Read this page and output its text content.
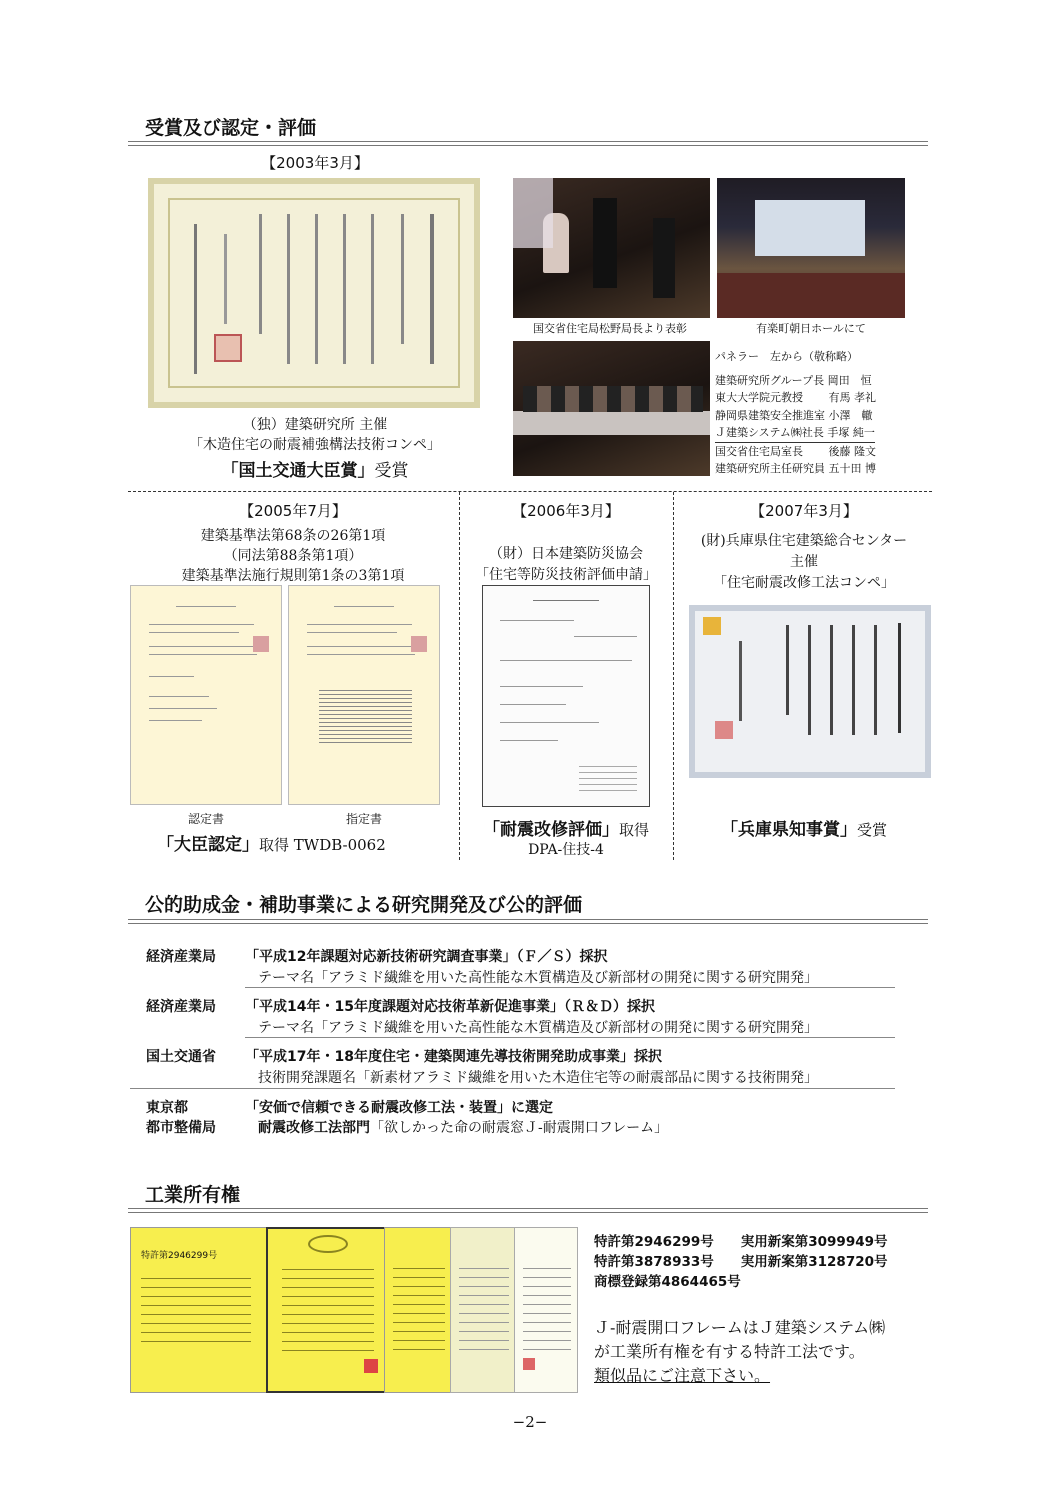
受賞及び認定・評価
【2003年3月】
（独）建築研究所 主催
「木造住宅の耐震補強構法技術コンペ」
「国土交通大臣賞」受賞
国交省住宅局松野局長より表彰	有楽町朝日ホールにて
パネラー　左から（敬称略）
建築研究所グループ長 岡田　恒
東大大学院元教授　　 有馬 孝礼
静岡県建築安全推進室 小澤　轍
Ｊ建築システム㈱社長 手塚 純一
国交省住宅局室長　　 後藤 隆文
建築研究所主任研究員 五十田 博
【2005年7月】
建築基準法第68条の26第1項
（同法第88条第1項）
建築基準法施行規則第1条の3第1項
認定書	指定書
「大臣認定」取得 TWDB-0062
【2006年3月】
（財）日本建築防災協会
「住宅等防災技術評価申請」
「耐震改修評価」取得
DPA-住技-4
【2007年3月】
(財)兵庫県住宅建築総合センター
主催
「住宅耐震改修工法コンペ」
「兵庫県知事賞」受賞
公的助成金・補助事業による研究開発及び公的評価
経済産業局 「平成12年課題対応新技術研究調査事業」（Ｆ／Ｓ）採択
テーマ名「アラミド繊維を用いた高性能な木質構造及び新部材の開発に関する研究開発」
経済産業局 「平成14年・15年度課題対応技術革新促進事業」（Ｒ＆Ｄ）採択
テーマ名「アラミド繊維を用いた高性能な木質構造及び新部材の開発に関する研究開発」
国土交通省 「平成17年・18年度住宅・建築関連先導技術開発助成事業」採択
技術開発課題名「新素材アラミド繊維を用いた木造住宅等の耐震部品に関する技術開発」
東京都
都市整備局
「安価で信頼できる耐震改修工法・装置」に選定
耐震改修工法部門「欲しかった命の耐震窓Ｊ-耐震開口フレーム」
工業所有権
特許第2946299号
特許第2946299号　　実用新案第3099949号
特許第3878933号　　実用新案第3128720号
商標登録第4864465号
Ｊ-耐震開口フレームはＪ建築システム㈱
が工業所有権を有する特許工法です。
類似品にご注意下さい。
−2−
